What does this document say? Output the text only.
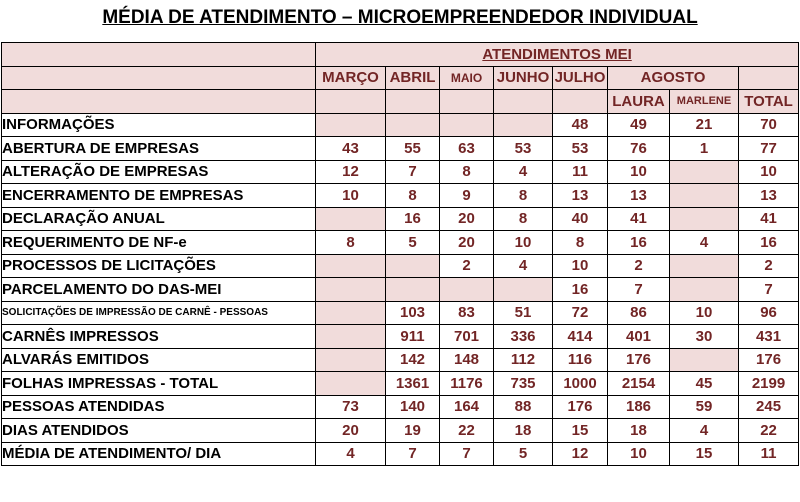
MÉDIA DE ATENDIMENTO – MICROEMPREENDEDOR INDIVIDUAL
	ATENDIMENTOS MEI							
	MARÇO	ABRIL	MAIO	JUNHO	JULHO	AGOSTO		
						LAURA	MARLENE	TOTAL
INFORMAÇÕES					48	49	21	70
ABERTURA DE EMPRESAS	43	55	63	53	53	76	1	77
ALTERAÇÃO DE EMPRESAS	12	7	8	4	11	10		10
ENCERRAMENTO DE EMPRESAS	10	8	9	8	13	13		13
DECLARAÇÃO ANUAL		16	20	8	40	41		41
REQUERIMENTO DE NF-e	8	5	20	10	8	16	4	16
PROCESSOS DE LICITAÇÕES			2	4	10	2		2
PARCELAMENTO DO DAS-MEI					16	7		7
SOLICITAÇÕES DE IMPRESSÃO DE CARNÊ - PESSOAS		103	83	51	72	86	10	96
CARNÊS IMPRESSOS		911	701	336	414	401	30	431
ALVARÁS EMITIDOS		142	148	112	116	176		176
FOLHAS IMPRESSAS - TOTAL		1361	1176	735	1000	2154	45	2199
PESSOAS ATENDIDAS	73	140	164	88	176	186	59	245
DIAS ATENDIDOS	20	19	22	18	15	18	4	22
MÉDIA DE ATENDIMENTO/ DIA	4	7	7	5	12	10	15	11
